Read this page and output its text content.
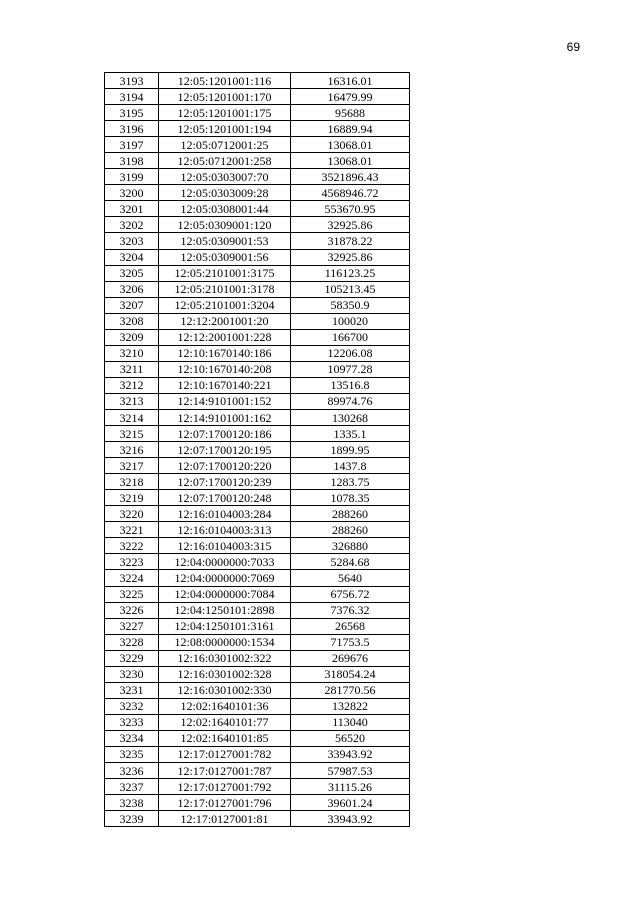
69
3193	12:05:1201001:116	16316.01
3194	12:05:1201001:170	16479.99
3195	12:05:1201001:175	95688
3196	12:05:1201001:194	16889.94
3197	12:05:0712001:25	13068.01
3198	12:05:0712001:258	13068.01
3199	12:05:0303007:70	3521896.43
3200	12:05:0303009:28	4568946.72
3201	12:05:0308001:44	553670.95
3202	12:05:0309001:120	32925.86
3203	12:05:0309001:53	31878.22
3204	12:05:0309001:56	32925.86
3205	12:05:2101001:3175	116123.25
3206	12:05:2101001:3178	105213.45
3207	12:05:2101001:3204	58350.9
3208	12:12:2001001:20	100020
3209	12:12:2001001:228	166700
3210	12:10:1670140:186	12206.08
3211	12:10:1670140:208	10977.28
3212	12:10:1670140:221	13516.8
3213	12:14:9101001:152	89974.76
3214	12:14:9101001:162	130268
3215	12:07:1700120:186	1335.1
3216	12:07:1700120:195	1899.95
3217	12:07:1700120:220	1437.8
3218	12:07:1700120:239	1283.75
3219	12:07:1700120:248	1078.35
3220	12:16:0104003:284	288260
3221	12:16:0104003:313	288260
3222	12:16:0104003:315	326880
3223	12:04:0000000:7033	5284.68
3224	12:04:0000000:7069	5640
3225	12:04:0000000:7084	6756.72
3226	12:04:1250101:2898	7376.32
3227	12:04:1250101:3161	26568
3228	12:08:0000000:1534	71753.5
3229	12:16:0301002:322	269676
3230	12:16:0301002:328	318054.24
3231	12:16:0301002:330	281770.56
3232	12:02:1640101:36	132822
3233	12:02:1640101:77	113040
3234	12:02:1640101:85	56520
3235	12:17:0127001:782	33943.92
3236	12:17:0127001:787	57987.53
3237	12:17:0127001:792	31115.26
3238	12:17:0127001:796	39601.24
3239	12:17:0127001:81	33943.92
